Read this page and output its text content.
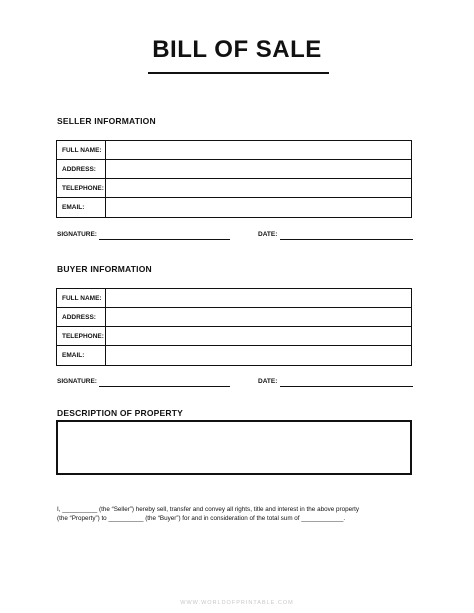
BILL OF SALE
SELLER INFORMATION
FULL NAME:
ADDRESS:
TELEPHONE:
EMAIL:
SIGNATURE:	DATE:
BUYER INFORMATION
FULL NAME:
ADDRESS:
TELEPHONE:
EMAIL:
SIGNATURE:	DATE:
DESCRIPTION OF PROPERTY
I, __________ (the “Seller”) hereby sell, transfer and convey all rights, title and interest in the above property
(the “Property”) to __________ (the “Buyer”) for and in consideration of the total sum of ____________.
WWW.WORLDOFPRINTABLE.COM
